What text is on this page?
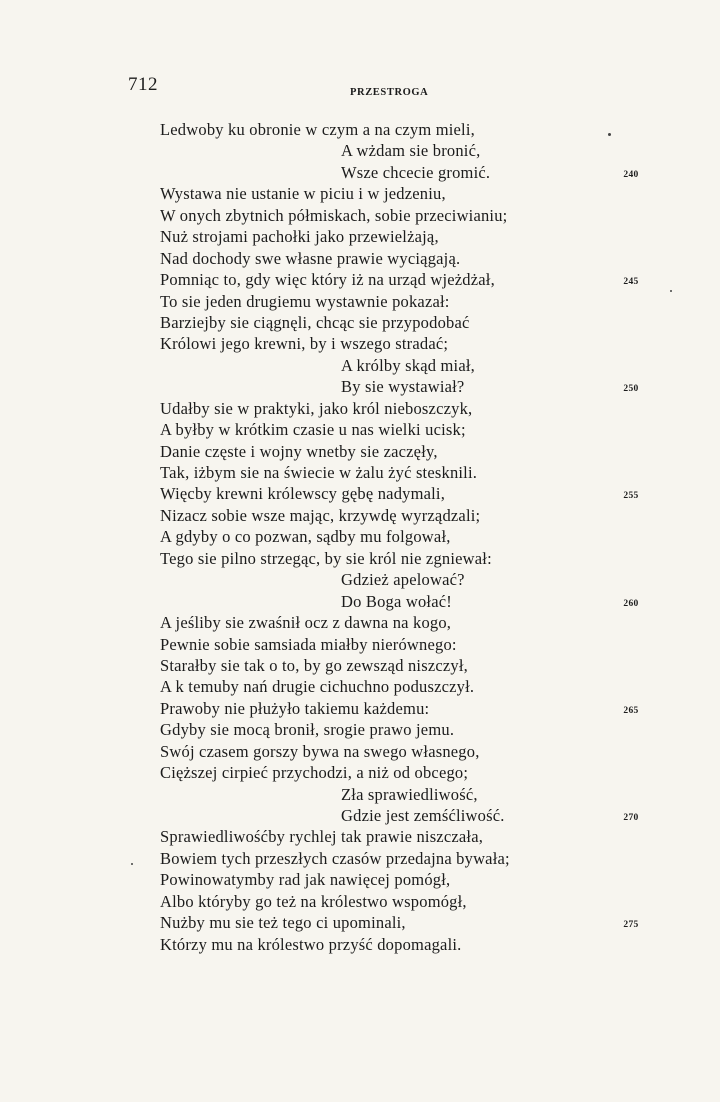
712	PRZESTROGA
Ledwoby ku obronie w czym a na czym mieli,
A wżdam sie bronić,
Wsze chcecie gromić.	240
Wystawa nie ustanie w piciu i w jedzeniu,
W onych zbytnich półmiskach, sobie przeciwianiu;
Nuż strojami pachołki jako przewielżają,
Nad dochody swe własne prawie wyciągają.
Pomniąc to, gdy więc który iż na urząd wjeżdżał,	245
To sie jeden drugiemu wystawnie pokazał:
Barziejby sie ciągnęli, chcąc sie przypodobać
Królowi jego krewni, by i wszego stradać;
A królby skąd miał,
By sie wystawiał?	250
Udałby sie w praktyki, jako król nieboszczyk,
A byłby w krótkim czasie u nas wielki ucisk;
Danie częste i wojny wnetby sie zaczęły,
Tak, iżbym sie na świecie w żalu żyć stesknili.
Więcby krewni królewscy gębę nadymali,	255
Nizacz sobie wsze mając, krzywdę wyrządzali;
A gdyby o co pozwan, sądby mu folgował,
Tego sie pilno strzegąc, by sie król nie zgniewał:
Gdzież apelować?
Do Boga wołać!	260
A jeśliby sie zwaśnił ocz z dawna na kogo,
Pewnie sobie samsiada miałby nierównego:
Starałby sie tak o to, by go zewsząd niszczył,
A k temuby nań drugie cichuchno poduszczył.
Prawoby nie płużyło takiemu każdemu:	265
Gdyby sie mocą bronił, srogie prawo jemu.
Swój czasem gorszy bywa na swego własnego,
Cięższej cirpieć przychodzi, a niż od obcego;
Zła sprawiedliwość,
Gdzie jest zemśćliwość.	270
Sprawiedliwośćby rychlej tak prawie niszczała,
Bowiem tych przeszłych czasów przedajna bywała;
Powinowatymby rad jak nawięcej pomógł,
Albo któryby go też na królestwo wspomógł,
Nużby mu sie też tego ci upominali,	275
Którzy mu na królestwo przyść dopomagali.
